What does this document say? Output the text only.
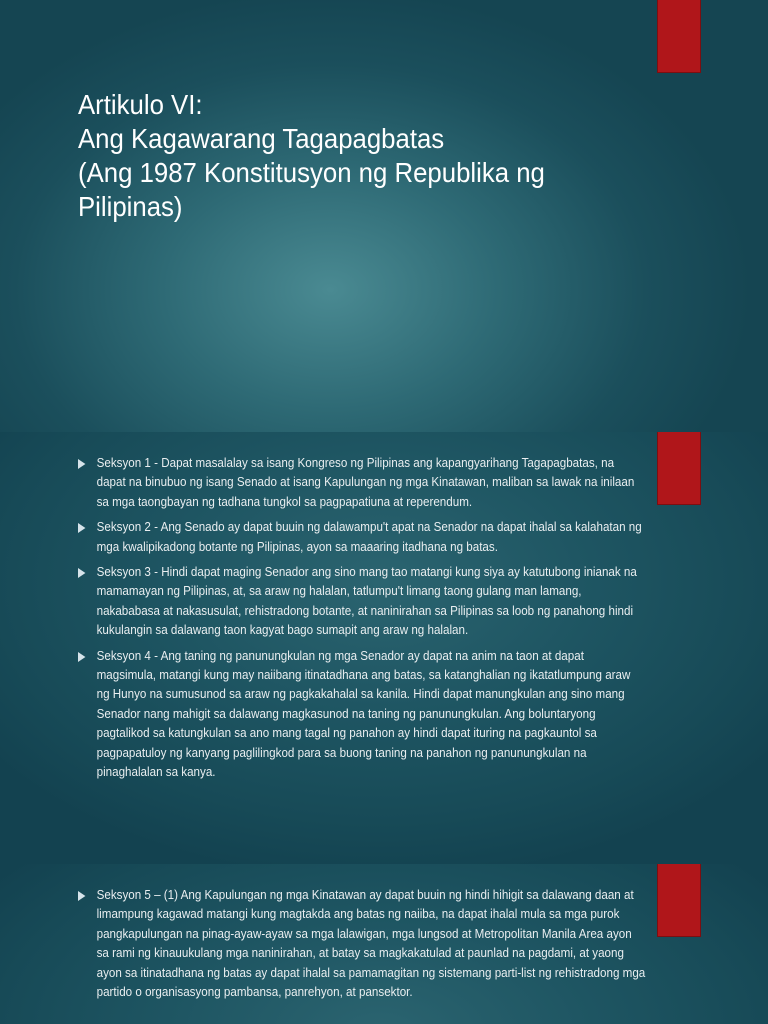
Artikulo VI:
Ang Kagawarang Tagapagbatas
(Ang 1987 Konstitusyon ng Republika ng
Pilipinas)
Seksyon 1 - Dapat masalalay sa isang Kongreso ng Pilipinas ang kapangyarihang Tagapagbatas, na dapat na binubuo ng isang Senado at isang Kapulungan ng mga Kinatawan, maliban sa lawak na inilaan sa mga taongbayan ng tadhana tungkol sa pagpapatiuna at reperendum.
Seksyon 2 - Ang Senado ay dapat buuin ng dalawampu't apat na Senador na dapat ihalal sa kalahatan ng mga kwalipikadong botante ng Pilipinas, ayon sa maaaring itadhana ng batas.
Seksyon 3 - Hindi dapat maging Senador ang sino mang tao matangi kung siya ay katutubong inianak na mamamayan ng Pilipinas, at, sa araw ng halalan, tatlumpu't limang taong gulang man lamang, nakababasa at nakasusulat, rehistradong botante, at naninirahan sa Pilipinas sa loob ng panahong hindi kukulangin sa dalawang taon kagyat bago sumapit ang araw ng halalan.
Seksyon 4 - Ang taning ng panunungkulan ng mga Senador ay dapat na anim na taon at dapat magsimula, matangi kung may naiibang itinatadhana ang batas, sa katanghalian ng ikatatlumpung araw ng Hunyo na sumusunod sa araw ng pagkakahalal sa kanila. Hindi dapat manungkulan ang sino mang Senador nang mahigit sa dalawang magkasunod na taning ng panunungkulan. Ang boluntaryong pagtalikod sa katungkulan sa ano mang tagal ng panahon ay hindi dapat ituring na pagkauntol sa pagpapatuloy ng kanyang paglilingkod para sa buong taning na panahon ng panunungkulan na pinaghalalan sa kanya.
Seksyon 5 – (1) Ang Kapulungan ng mga Kinatawan ay dapat buuin ng hindi hihigit sa dalawang daan at limampung kagawad matangi kung magtakda ang batas ng naiiba, na dapat ihalal mula sa mga purok pangkapulungan na pinag-ayaw-ayaw sa mga lalawigan, mga lungsod at Metropolitan Manila Area ayon sa rami ng kinauukulang mga naninirahan, at batay sa magkakatulad at paunlad na pagdami, at yaong ayon sa itinatadhana ng batas ay dapat ihalal sa pamamagitan ng sistemang parti-list ng rehistradong mga partido o organisasyong pambansa, panrehyon, at pansektor.
